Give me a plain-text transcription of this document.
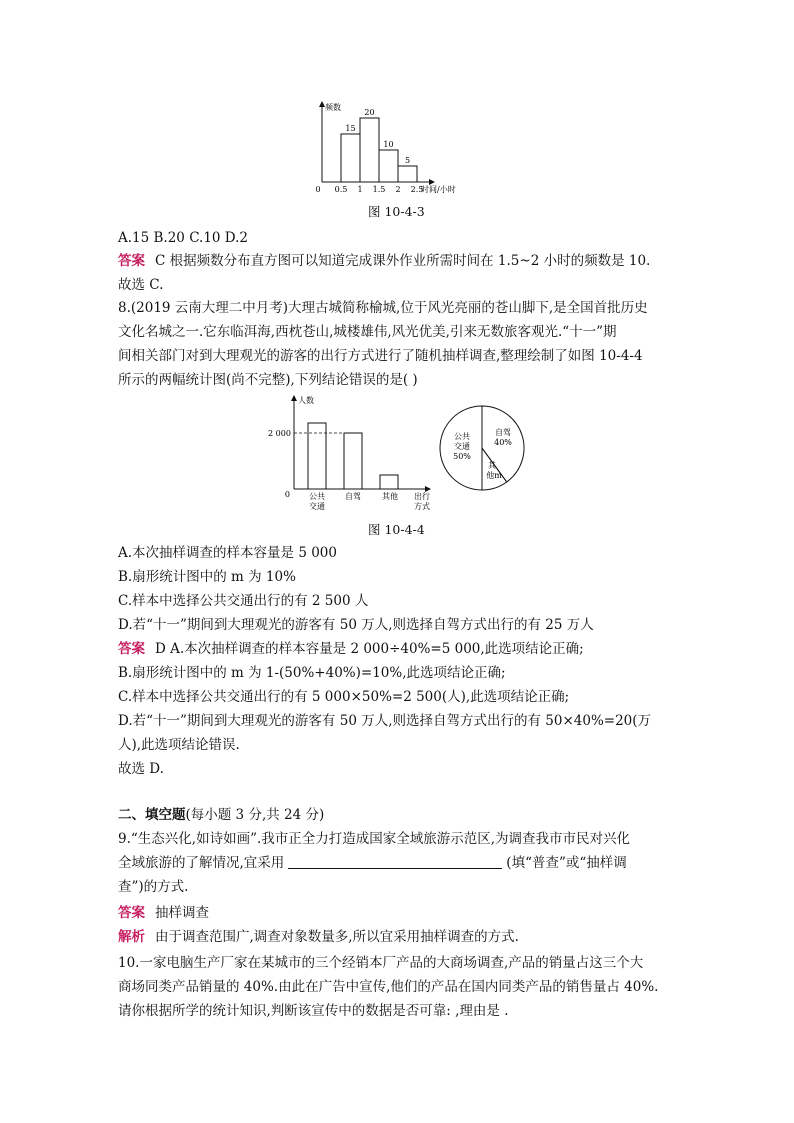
频数
0	时间/小时
15
20
10
5
0.5 1 1.5 2 2.5
图 10-4-3
A.15 B.20 C.10 D.2
答案 C 根据频数分布直方图可以知道完成课外作业所需时间在 1.5~2 小时的频数是 10.
故选 C.
8.(2019 云南大理二中月考)大理古城简称榆城,位于风光亮丽的苍山脚下,是全国首批历史
文化名城之一.它东临洱海,西枕苍山,城楼雄伟,风光优美,引来无数旅客观光.“十一”期
间相关部门对到大理观光的游客的出行方式进行了随机抽样调查,整理绘制了如图 10-4-4
所示的两幅统计图(尚不完整),下列结论错误的是( )
人数
0
2 000
公共
交通
自驾	其他 出行
方式
公共
交通
50%
自驾
40%
其
他m
图 10-4-4
A.本次抽样调查的样本容量是 5 000
B.扇形统计图中的 m 为 10%
C.样本中选择公共交通出行的有 2 500 人
D.若“十一”期间到大理观光的游客有 50 万人,则选择自驾方式出行的有 25 万人
答案 D A.本次抽样调查的样本容量是 2 000÷40%=5 000,此选项结论正确;
B.扇形统计图中的 m 为 1-(50%+40%)=10%,此选项结论正确;
C.样本中选择公共交通出行的有 5 000×50%=2 500(人),此选项结论正确;
D.若“十一”期间到大理观光的游客有 50 万人,则选择自驾方式出行的有 50×40%=20(万
人),此选项结论错误.
故选 D.
二、填空题(每小题 3 分,共 24 分)
9.“生态兴化,如诗如画”.我市正全力打造成国家全域旅游示范区,为调查我市市民对兴化
全域旅游的了解情况,宜采用	(填“普查”或“抽样调
查”)的方式.
答案 抽样调查
解析 由于调查范围广,调查对象数量多,所以宜采用抽样调查的方式.
10.一家电脑生产厂家在某城市的三个经销本厂产品的大商场调查,产品的销量占这三个大
商场同类产品销量的 40%.由此在广告中宣传,他们的产品在国内同类产品的销售量占 40%.
请你根据所学的统计知识,判断该宣传中的数据是否可靠: ,理由是 .
